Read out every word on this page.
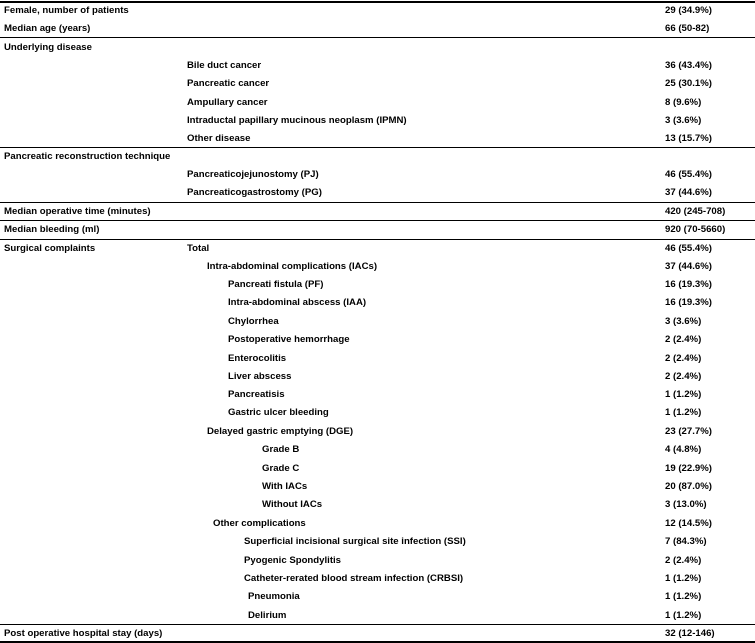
Female, number of patients	29 (34.9%)
Median age (years)	66 (50-82)
Underlying disease
Bile duct cancer	36 (43.4%)
Pancreatic cancer	25 (30.1%)
Ampullary cancer	8 (9.6%)
Intraductal papillary mucinous neoplasm (IPMN)	3 (3.6%)
Other disease	13 (15.7%)
Pancreatic reconstruction technique
Pancreaticojejunostomy (PJ)	46 (55.4%)
Pancreaticogastrostomy (PG)	37 (44.6%)
Median operative time (minutes)	420 (245-708)
Median bleeding (ml)	920 (70-5660)
Surgical complaints	Total	46 (55.4%)
Intra-abdominal complications (IACs)	37 (44.6%)
Pancreati fistula (PF)	16 (19.3%)
Intra-abdominal abscess (IAA)	16 (19.3%)
Chylorrhea	3 (3.6%)
Postoperative hemorrhage	2 (2.4%)
Enterocolitis	2 (2.4%)
Liver abscess	2 (2.4%)
Pancreatisis	1 (1.2%)
Gastric ulcer bleeding	1 (1.2%)
Delayed gastric emptying (DGE)	23 (27.7%)
Grade B	4 (4.8%)
Grade C	19 (22.9%)
With IACs	20 (87.0%)
Without IACs	3 (13.0%)
Other complications	12 (14.5%)
Superficial incisional surgical site infection (SSI)	7 (84.3%)
Pyogenic Spondylitis	2 (2.4%)
Catheter-rerated blood stream infection (CRBSI)	1 (1.2%)
Pneumonia	1 (1.2%)
Delirium	1 (1.2%)
Post operative hospital stay (days)	32 (12-146)
